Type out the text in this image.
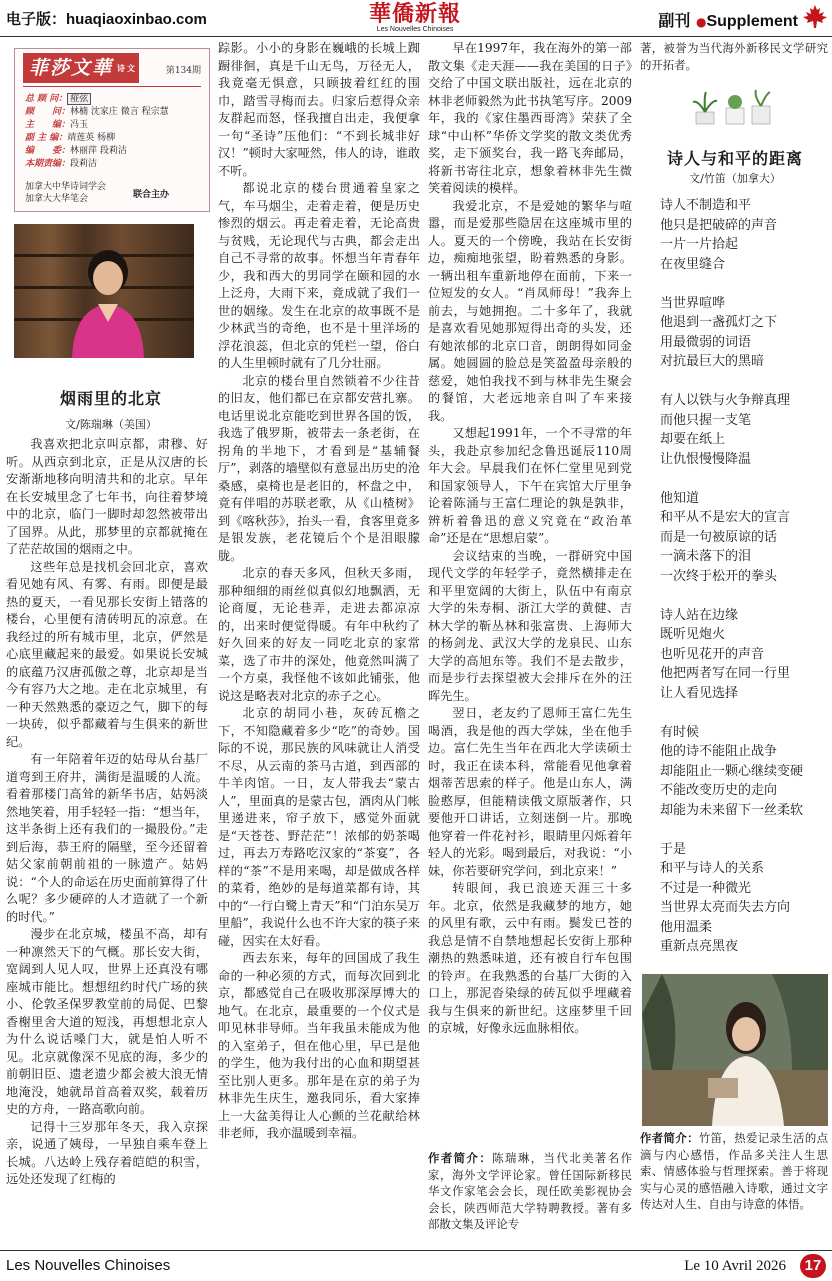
电子版：huaqiaoxinbao.com	華僑新報
Les Nouvelles Chinoises	副刊 ●Supplement
菲莎文華 $^{诗文}$	第134期
总 顾 问： 痖弦
顾　　问：林楠 沈家庄 微言 程宗慧
主　　编：冯玉
副 主 编：靖莲英 杨柳
编　　委：林丽萍 段莉洁
本期责编：段莉洁
加拿大中华诗词学会
加拿大大华笔会	联合主办
烟雨里的北京
文/陈瑞琳（美国）

我喜欢把北京叫京都，肃穆、好听。从西京到北京，正是从汉唐的长安渐渐地移向明清共和的北京。早年在长安城里念了七年书，向往着梦境中的北京，临门一脚时却忽然被带出了国界。从此，那梦里的京都就掩在了茫茫故国的烟雨之中。

这些年总是找机会回北京，喜欢看见她有风、有雾、有雨。即便是最热的夏天，一看见那长安街上错落的楼台，心里便有清砖明瓦的凉意。在我经过的所有城市里，北京，俨然是心底里藏起来的最爱。如果说长安城的底蕴乃汉唐孤傲之尊，北京却是当今有容乃大之地。走在北京城里，有一种天然熟悉的豪迈之气，脚下的每一块砖，似乎都藏着与生俱来的新世纪。

有一年陪着年迈的姑母从台基厂道弯到王府井，满街是温暖的人流。看着那楼门高耸的新华书店，姑妈淡然地笑着，用手轻轻一指：“想当年，这半条街上还有我们的一撮股份。”走到后海，恭王府的隔壁，至今还留着姑父家前朝前祖的一脉遗产。姑妈说：“个人的命运在历史面前算得了什么呢？多少硬碎的人才造就了一个新的时代。”

漫步在北京城，楼虽不高，却有一种凛然天下的气概。那长安大街，宽阔到人见人叹，世界上还真没有哪座城市能比。想想纽约时代广场的狭小、伦敦圣保罗教堂前的局促、巴黎香榭里舍大道的短浅，再想想北京人为什么说话嗓门大，就是怕人听不见。北京就像深不见底的海，多少的前朝旧臣、遗老遗少都会被大浪无情地淹没，她就昂首高着双奖，载着历史的方舟，一路高歌向前。

记得十三岁那年冬天，我入京探亲，说通了姨母，一早独自乘车登上长城。八达岭上残存着皑皑的积雪，远处还发现了红梅的

踪影。小小的身影在巍峨的长城上踟蹰徘徊，真是千山无鸟，万径无人，我竟毫无惧意，只顾披着红红的围巾，踏雪寻梅而去。归家后惹得众亲友群起而怒，怪我擅自出走，我便拿一句“圣诗”压他们：“不到长城非好汉！”顿时大家哑然，伟人的诗，谁敢不听。

都说北京的楼台贯通着皇家之气，车马烟尘，走着走着，便是历史惨烈的烟云。再走着走着，无论高贵与贫贱，无论现代与古典，都会走出自己不寻常的故事。怀想当年青春年少，我和西大的男同学在颐和园的水上泛舟，大雨下来，竟成就了我们一世的姻缘。发生在北京的故事既不是少林武当的奇绝，也不是十里洋场的浮花浪蕊，但北京的凭栏一望，俗白的人生里顿时就有了几分壮丽。

北京的楼台里自然锁着不少往昔的旧友，他们都已在京都安营扎寨。电话里说北京能吃到世界各国的饭，我选了俄罗斯，被带去一条老街，在拐角的半地下，才看到是“基辅餐厅”，剥落的墙壁似有意显出历史的沧桑感，桌椅也是老旧的，杯盘之中，竟有伴唱的苏联老歌，从《山楂树》到《喀秋莎》，抬头一看，食客里竟多是银发族，老花镜后个个是泪眼朦胧。

北京的春天多风，但秋天多雨，那种细细的雨丝似真似幻地飘洒，无论商厦，无论巷弄，走进去都凉凉的，出来时便觉得暖。有年中秋约了好久回来的好友一同吃北京的家常菜，选了市井的深处，他竟然叫满了一个方桌，我怪他不该如此铺张，他说这是略表对北京的赤子之心。

北京的胡同小巷，灰砖瓦檐之下，不知隐藏着多少“吃”的奇妙。国际的不说，那民族的风味就让人消受不尽，从云南的茶马古道，到西部的牛羊肉馆。一日，友人带我去“蒙古人”，里面真的是蒙古包，酒肉从门帐里递进来，帘子放下，感觉外面就是“天苍苍、野茫茫”！浓郁的奶茶喝过，再去万寿路吃汉家的“茶宴”，各样的“茶”不是用来喝，却是做成各样的菜肴，绝妙的是每道菜都有诗，其中的“一行白鹭上青天”和“门泊东吴万里船”，我说什么也不许大家的筷子来碰，因实在太好看。

西去东来，每年的回国成了我生命的一种必须的方式，而每次回到北京，都感觉自己在吸收那深厚博大的地气。在北京，最重要的一个仪式是叩见林非导师。当年我虽未能成为他的入室弟子，但在他心里，早已是他的学生，他为我付出的心血和期望甚至比别人更多。那年是在京的弟子为林非先生庆生，邀我同乐，看大家捧上一大盆美得让人心颤的兰花献给林非老师，我亦温暖到幸福。

早在1997年，我在海外的第一部散文集《走天涯——我在美国的日子》交给了中国文联出版社，远在北京的林非老师毅然为此书执笔写序。2009年，我的《家住墨西哥湾》荣获了全球“中山杯”华侨文学奖的散文类优秀奖，走下颁奖台，我一路飞奔邮局，将新书寄往北京，想象着林非先生微笑着阅读的模样。

我爱北京，不是爱她的繁华与喧嚣，而是爱那些隐居在这座城市里的人。夏天的一个傍晚，我站在长安街边，痴痴地张望，盼着熟悉的身影。一辆出租车重新地停在面前，下来一位短发的女人。“肖凤师母！”我奔上前去，与她拥抱。二十多年了，我就是喜欢看见她那短得出奇的头发，还有她浓郁的北京口音，朗朗得如同金属。她圆圆的脸总是笑盈盈母亲般的慈爱，她怕我找不到与林非先生聚会的餐馆，大老远地亲自叫了车来接我。

又想起1991年，一个不寻常的年头，我赴京参加纪念鲁迅诞辰110周年大会。早晨我们在怀仁堂里见到党和国家领导人，下午在宾馆大厅里争论着陈涌与王富仁理论的孰是孰非，辨析着鲁迅的意义究竟在“政治革命”还是在“思想启蒙”。

会议结束的当晚，一群研究中国现代文学的年轻学子，竟然横排走在和平里宽阔的大街上，队伍中有南京大学的朱寿桐、浙江大学的黄健、吉林大学的靳丛林和张富贵、上海师大的杨剑龙、武汉大学的龙泉民、山东大学的高旭东等。我们不是去散步，而是步行去探望被大会排斥在外的汪晖先生。

翌日，老友约了恩师王富仁先生喝酒，我是他的西大学妹，坐在他手边。富仁先生当年在西北大学读硕士时，我正在读本科，常能看见他拿着烟蒂苦思索的样子。他是山东人，满脸憨厚，但能精读俄文原版著作，只要他开口讲话，立刻迷倒一片。那晚他穿着一件花衬衫，眼睛里闪烁着年轻人的光彩。喝到最后，对我说：“小妹，你若要研究学问，到北京来！”

转眼间，我已浪迹天涯三十多年。北京，依然是我藏梦的地方，她的风里有歌，云中有雨。鬓发已苍的我总是情不自禁地想起长安街上那种潮热的熟悉味道，还有被自行车包围的铃声。在我熟悉的台基厂大街的入口上，那泥沓染绿的砖瓦似乎埋藏着我与生俱来的新世纪。这座梦里千回的京城，好像永远血脉相依。

作者简介：陈瑞琳，当代北美著名作家，海外文学评论家。曾任国际新移民华文作家笔会会长，现任欧美影视协会会长，陕西师范大学特聘教授。著有多部散文集及评论专
著，被誉为当代海外新移民文学研究的开拓者。
诗人与和平的距离
文/竹笛（加拿大）
诗人不制造和平
他只是把破碎的声音
一片一片拾起
在夜里缝合
当世界喧哗
他退到一盏孤灯之下
用最微弱的词语
对抗最巨大的黑暗
有人以铁与火争辩真理
而他只握一支笔
却要在纸上
让仇恨慢慢降温
他知道
和平从不是宏大的宣言
而是一句被原谅的话
一滴未落下的泪
一次终于松开的拳头
诗人站在边缘
既听见炮火
也听见花开的声音
他把两者写在同一行里
让人看见选择
有时候
他的诗不能阻止战争
却能阻止一颗心继续变硬
不能改变历史的走向
却能为未来留下一丝柔软
于是
和平与诗人的关系
不过是一种微光
当世界太亮而失去方向
他用温柔
重新点亮黑夜
作者简介：竹笛，热爱记录生活的点滴与内心感悟，作品多关注人生思索、情感体验与哲理探索。善于将现实与心灵的感悟融入诗歌，通过文字传达对人生、自由与诗意的体悟。
Les Nouvelles Chinoises	Le 10 Avril 2026	17
